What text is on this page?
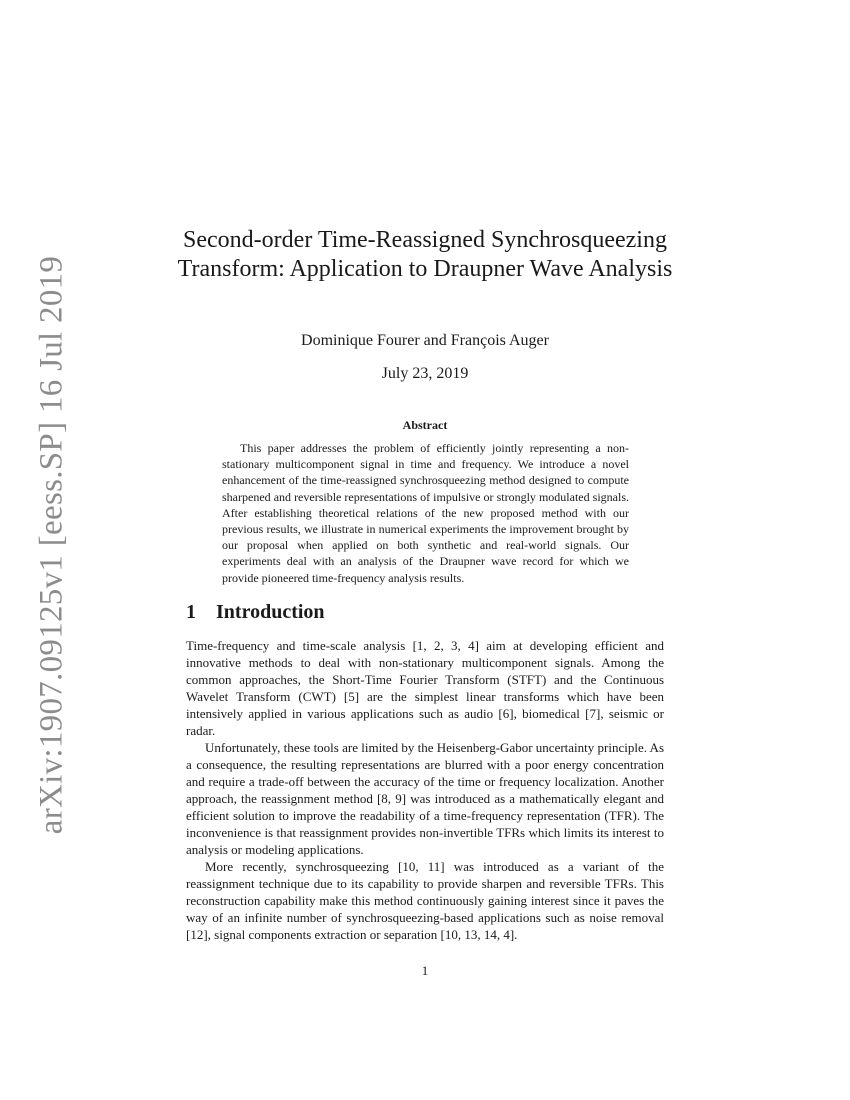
arXiv:1907.09125v1 [eess.SP] 16 Jul 2019
Second-order Time-Reassigned Synchrosqueezing Transform: Application to Draupner Wave Analysis

Dominique Fourer and François Auger

July 23, 2019

Abstract

This paper addresses the problem of efficiently jointly representing a non-stationary multicomponent signal in time and frequency. We introduce a novel enhancement of the time-reassigned synchrosqueezing method designed to compute sharpened and reversible representations of impulsive or strongly modulated signals. After establishing theoretical relations of the new proposed method with our previous results, we illustrate in numerical experiments the improvement brought by our proposal when applied on both synthetic and real-world signals. Our experiments deal with an analysis of the Draupner wave record for which we provide pioneered time-frequency analysis results.

1 Introduction

Time-frequency and time-scale analysis [1, 2, 3, 4] aim at developing efficient and innovative methods to deal with non-stationary multicomponent signals. Among the common approaches, the Short-Time Fourier Transform (STFT) and the Continuous Wavelet Transform (CWT) [5] are the simplest linear transforms which have been intensively applied in various applications such as audio [6], biomedical [7], seismic or radar.

Unfortunately, these tools are limited by the Heisenberg-Gabor uncertainty principle. As a consequence, the resulting representations are blurred with a poor energy concentration and require a trade-off between the accuracy of the time or frequency localization. Another approach, the reassignment method [8, 9] was introduced as a mathematically elegant and efficient solution to improve the readability of a time-frequency representation (TFR). The inconvenience is that reassignment provides non-invertible TFRs which limits its interest to analysis or modeling applications.

More recently, synchrosqueezing [10, 11] was introduced as a variant of the reassignment technique due to its capability to provide sharpen and reversible TFRs. This reconstruction capability make this method continuously gaining interest since it paves the way of an infinite number of synchrosqueezing-based applications such as noise removal [12], signal components extraction or separation [10, 13, 14, 4].

1
